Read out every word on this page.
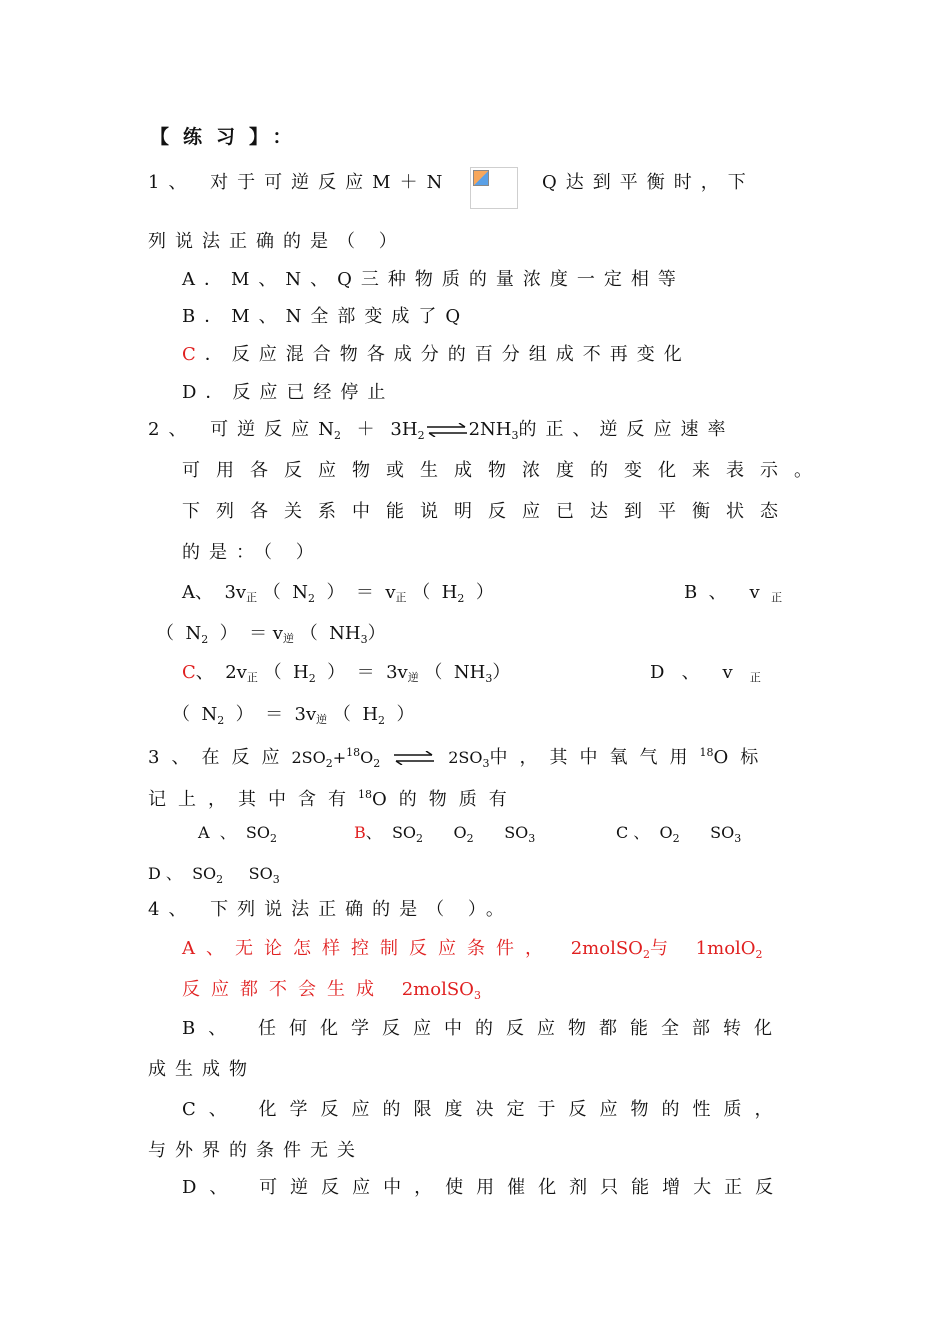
【练习】：
1、 对于可逆反应M＋N	Q达到平衡时，下
列说法正确的是（ ）
A．M、N、Q三种物质的量浓度一定相等
B．M、N全部变成了Q
C．反应混合物各成分的百分组成不再变化
D．反应已经停止
2、 可逆反应$N_2$ ＋ $3H_2\rightleftharpoons 2NH_3$的正、逆反应速率
可用各反应物或生成物浓度的变化来表示。
下列各关系中能说明反应已达到平衡状态
的是：（ ）
A、  3v正 （  $N_2$  ）  ＝  v正 （  $H_2$  ）	B  、    v  正
（  $N_2$  ）  ＝ v逆 （  $NH_3$）
C、  2v正 （  $H_2$  ）  ＝  3v逆 （  $NH_3$）	D   、    v   正
（  $N_2$  ）  ＝  3v逆 （  $H_2$  ）
3、在反应$2SO_2+^{18}O_2$	$2SO_3$中，其中氧气用$^{18}$O标
记上，其中含有$^{18}$O的物质有
A  、  $SO_2$	B、  $SO_2$      $O_2$      $SO_3$	C 、  $O_2$      $SO_3$
D 、  $SO_2$     $SO_3$
4、 下列说法正确的是（ ）。
A、无论怎样控制反应条件， 2molSO$_2$与 1molO$_2$
反应都不会生成 2molSO$_3$
B、 任何化学反应中的反应物都能全部转化
成生成物
C、 化学反应的限度决定于反应物的性质，
与外界的条件无关
D、 可逆反应中，使用催化剂只能增大正反
